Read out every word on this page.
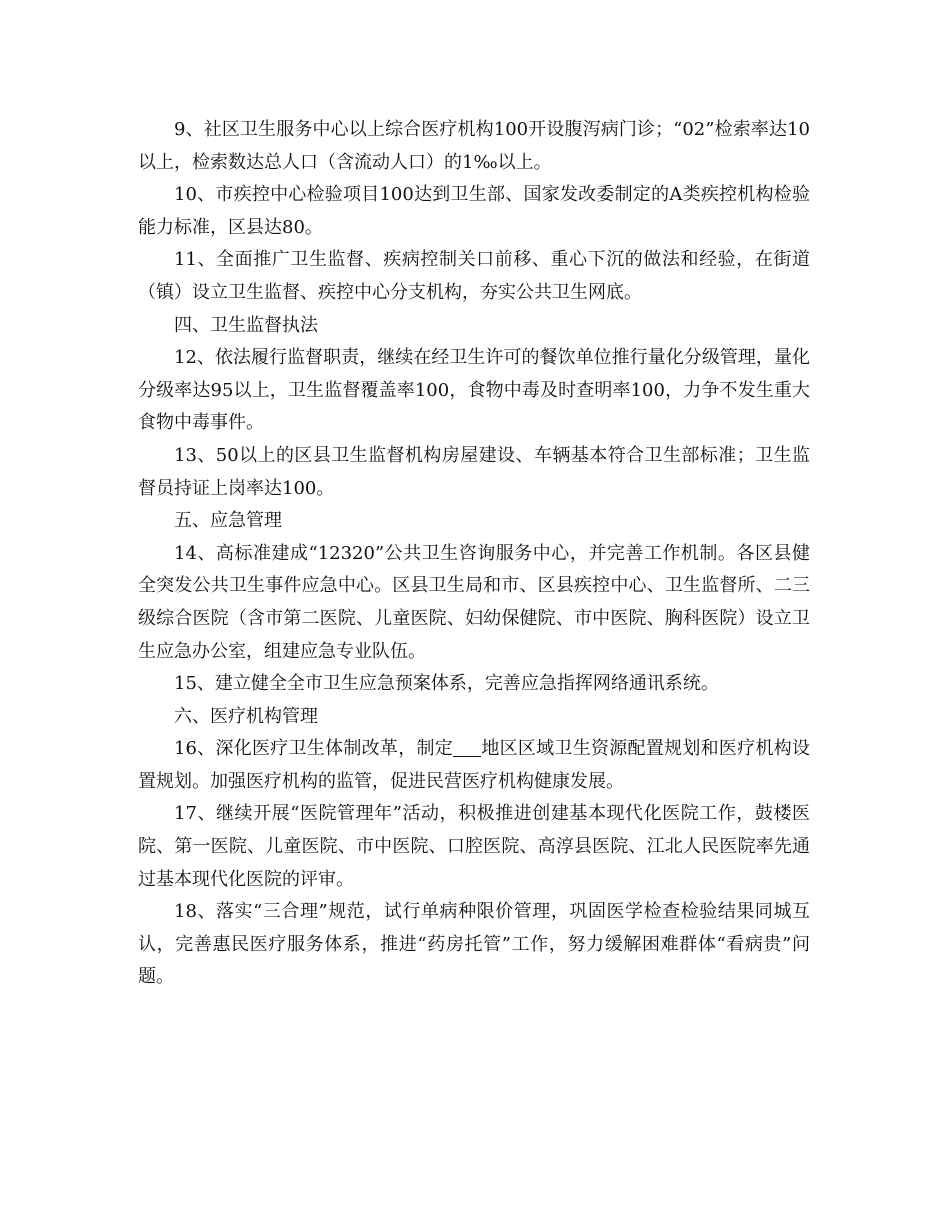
9、社区卫生服务中心以上综合医疗机构100开设腹泻病门诊；“02”检索率达10以上，检索数达总人口（含流动人口）的1‰以上。

10、市疾控中心检验项目100达到卫生部、国家发改委制定的A类疾控机构检验能力标准，区县达80。

11、全面推广卫生监督、疾病控制关口前移、重心下沉的做法和经验，在街道（镇）设立卫生监督、疾控中心分支机构，夯实公共卫生网底。

四、卫生监督执法

12、依法履行监督职责，继续在经卫生许可的餐饮单位推行量化分级管理，量化分级率达95以上，卫生监督覆盖率100，食物中毒及时查明率100，力争不发生重大食物中毒事件。

13、50以上的区县卫生监督机构房屋建设、车辆基本符合卫生部标准；卫生监督员持证上岗率达100。

五、应急管理

14、高标准建成“12320”公共卫生咨询服务中心，并完善工作机制。各区县健全突发公共卫生事件应急中心。区县卫生局和市、区县疾控中心、卫生监督所、二三级综合医院（含市第二医院、儿童医院、妇幼保健院、市中医院、胸科医院）设立卫生应急办公室，组建应急专业队伍。

15、建立健全全市卫生应急预案体系，完善应急指挥网络通讯系统。

六、医疗机构管理

16、深化医疗卫生体制改革，制定 地区区域卫生资源配置规划和医疗机构设置规划。加强医疗机构的监管，促进民营医疗机构健康发展。

17、继续开展“医院管理年”活动，积极推进创建基本现代化医院工作，鼓楼医院、第一医院、儿童医院、市中医院、口腔医院、高淳县医院、江北人民医院率先通过基本现代化医院的评审。

18、落实“三合理”规范，试行单病种限价管理，巩固医学检查检验结果同城互认，完善惠民医疗服务体系，推进“药房托管”工作，努力缓解困难群体“看病贵”问题。
